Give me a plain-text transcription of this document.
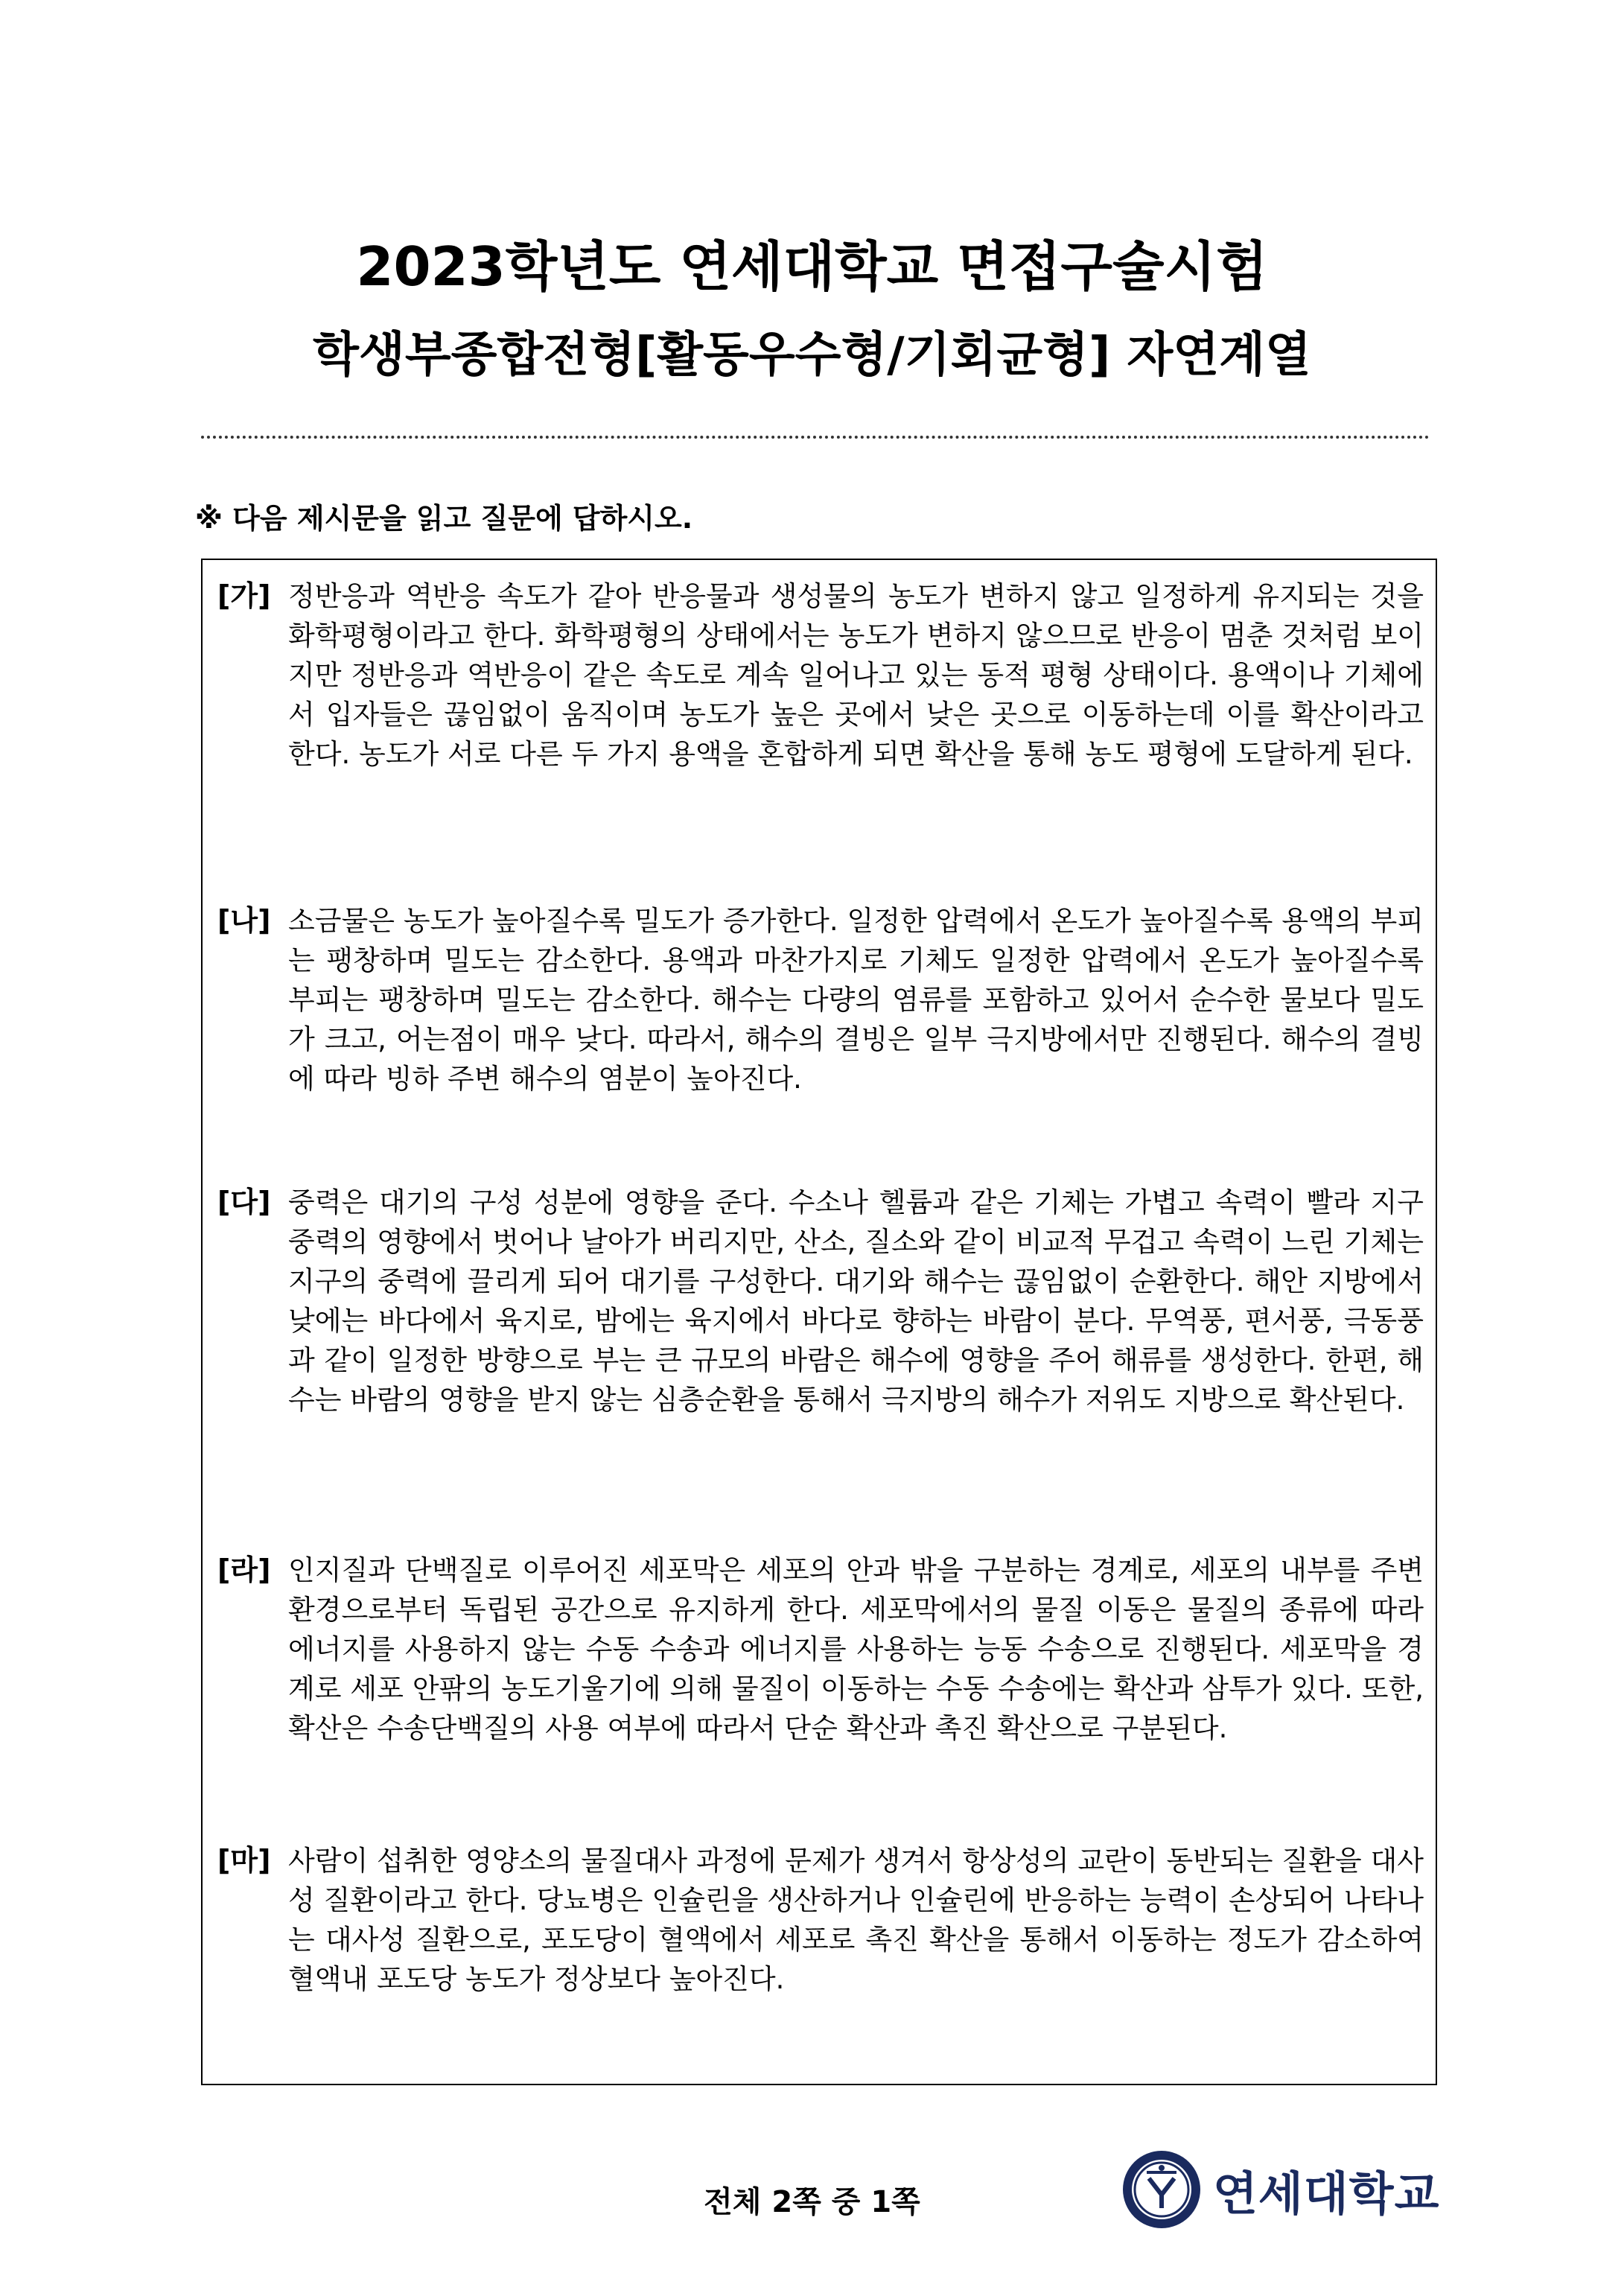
2023학년도 연세대학교 면접구술시험
학생부종합전형[활동우수형/기회균형] 자연계열
※ 다음 제시문을 읽고 질문에 답하시오.
[가] 정반응과 역반응 속도가 같아 반응물과 생성물의 농도가 변하지 않고 일정하게 유지되는 것을 화학평형이라고 한다. 화학평형의 상태에서는 농도가 변하지 않으므로 반응이 멈춘 것처럼 보이지만 정반응과 역반응이 같은 속도로 계속 일어나고 있는 동적 평형 상태이다. 용액이나 기체에서 입자들은 끊임없이 움직이며 농도가 높은 곳에서 낮은 곳으로 이동하는데 이를 확산이라고 한다. 농도가 서로 다른 두 가지 용액을 혼합하게 되면 확산을 통해 농도 평형에 도달하게 된다.
[나] 소금물은 농도가 높아질수록 밀도가 증가한다. 일정한 압력에서 온도가 높아질수록 용액의 부피는 팽창하며 밀도는 감소한다. 용액과 마찬가지로 기체도 일정한 압력에서 온도가 높아질수록 부피는 팽창하며 밀도는 감소한다. 해수는 다량의 염류를 포함하고 있어서 순수한 물보다 밀도가 크고, 어는점이 매우 낮다. 따라서, 해수의 결빙은 일부 극지방에서만 진행된다. 해수의 결빙에 따라 빙하 주변 해수의 염분이 높아진다.
[다] 중력은 대기의 구성 성분에 영향을 준다. 수소나 헬륨과 같은 기체는 가볍고 속력이 빨라 지구 중력의 영향에서 벗어나 날아가 버리지만, 산소, 질소와 같이 비교적 무겁고 속력이 느린 기체는 지구의 중력에 끌리게 되어 대기를 구성한다. 대기와 해수는 끊임없이 순환한다. 해안 지방에서 낮에는 바다에서 육지로, 밤에는 육지에서 바다로 향하는 바람이 분다. 무역풍, 편서풍, 극동풍과 같이 일정한 방향으로 부는 큰 규모의 바람은 해수에 영향을 주어 해류를 생성한다. 한편, 해수는 바람의 영향을 받지 않는 심층순환을 통해서 극지방의 해수가 저위도 지방으로 확산된다.
[라] 인지질과 단백질로 이루어진 세포막은 세포의 안과 밖을 구분하는 경계로, 세포의 내부를 주변 환경으로부터 독립된 공간으로 유지하게 한다. 세포막에서의 물질 이동은 물질의 종류에 따라 에너지를 사용하지 않는 수동 수송과 에너지를 사용하는 능동 수송으로 진행된다. 세포막을 경계로 세포 안팎의 농도기울기에 의해 물질이 이동하는 수동 수송에는 확산과 삼투가 있다. 또한, 확산은 수송단백질의 사용 여부에 따라서 단순 확산과 촉진 확산으로 구분된다.
[마] 사람이 섭취한 영양소의 물질대사 과정에 문제가 생겨서 항상성의 교란이 동반되는 질환을 대사성 질환이라고 한다. 당뇨병은 인슐린을 생산하거나 인슐린에 반응하는 능력이 손상되어 나타나는 대사성 질환으로, 포도당이 혈액에서 세포로 촉진 확산을 통해서 이동하는 정도가 감소하여 혈액내 포도당 농도가 정상보다 높아진다.
전체 2쪽 중 1쪽	연세대학교
